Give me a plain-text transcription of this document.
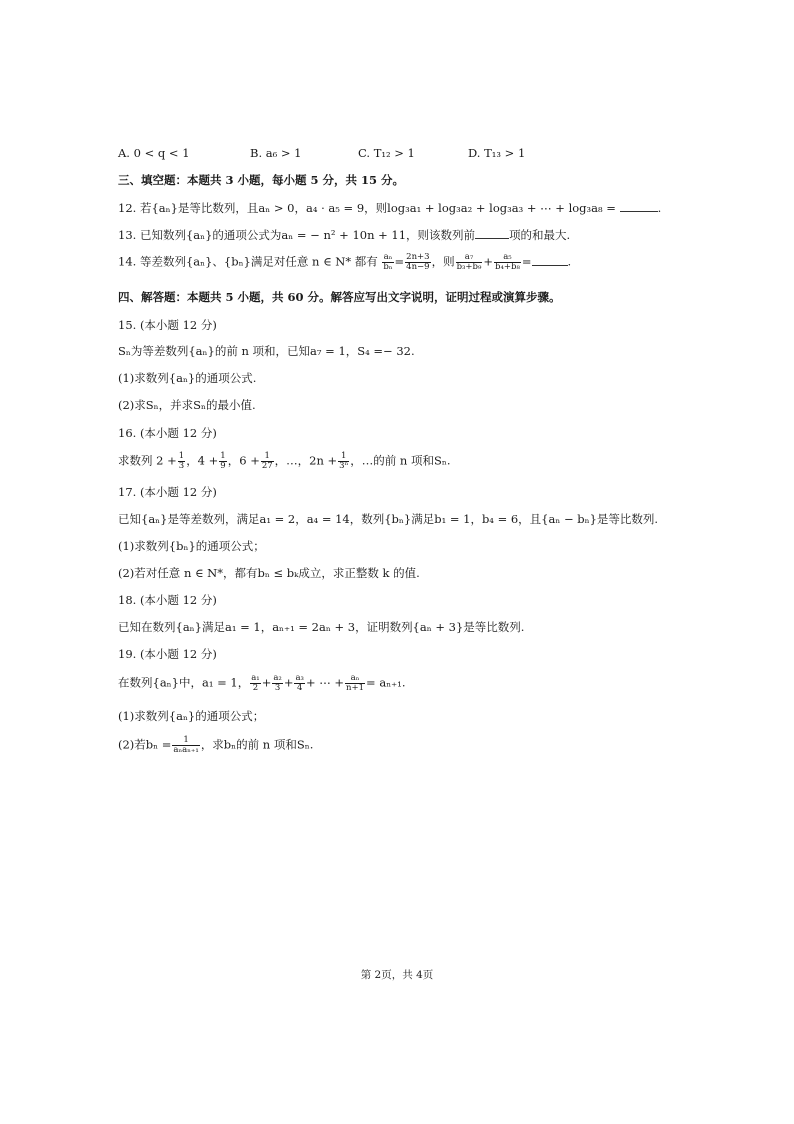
A. 0 < q < 1	B. a₆ > 1	C. T₁₂ > 1	D. T₁₃ > 1
三、填空题：本题共 3 小题，每小题 5 分，共 15 分。
12. 若{aₙ}是等比数列，且aₙ > 0，a₄ · a₅ = 9，则log₃a₁ + log₃a₂ + log₃a₃ + ⋯ + log₃a₈ =	.
13. 已知数列{aₙ}的通项公式为aₙ = − n² + 10n + 11，则该数列前	项的和最大.
14. 等差数列{aₙ}、{bₙ}满足对任意 n ∈ N* 都有 $\frac{\text{aₙ}}{\text{bₙ}} = \frac{2n+3}{4n-9}$ ，则 $\frac{\text{a₇}}{\text{b₃+b₉}} + \frac{\text{a₅}}{\text{b₄+b₈}}$ =	.
四、解答题：本题共 5 小题，共 60 分。解答应写出文字说明，证明过程或演算步骤。
15. (本小题 12 分)
Sₙ为等差数列{aₙ}的前 n 项和，已知a₇ = 1，S₄ =− 32.
(1)求数列{aₙ}的通项公式.
(2)求Sₙ，并求Sₙ的最小值.
16. (本小题 12 分)
求数列 $2 + \frac{1}{3}$ ，$4 + \frac{1}{9}$ ，$6 + \frac{1}{27}$ ，…，$2n + \frac{1}{\text{3ⁿ}}$ ，…的前 n 项和Sₙ.
17. (本小题 12 分)
已知{aₙ}是等差数列，满足a₁ = 2，a₄ = 14，数列{bₙ}满足b₁ = 1，b₄ = 6，且{aₙ − bₙ}是等比数列.
(1)求数列{bₙ}的通项公式；
(2)若对任意 n ∈ N*，都有bₙ ≤ bₖ成立，求正整数 k 的值.
18. (本小题 12 分)
已知在数列{aₙ}满足a₁ = 1，aₙ₊₁ = 2aₙ + 3，证明数列{aₙ + 3}是等比数列.
19. (本小题 12 分)
在数列{aₙ}中，a₁ = 1， $\frac{\text{a₁}}{2} + \frac{\text{a₂}}{3} + \frac{\text{a₃}}{4}$ + ⋯ + $\frac{\text{aₙ}}{n+1} = a_{n+1}$.
(1)求数列{aₙ}的通项公式；
(2)若$b_n = \frac{1}{\text{aₙaₙ₊₁}}$ ，求bₙ的前 n 项和Sₙ.
第 2页，共 4页
